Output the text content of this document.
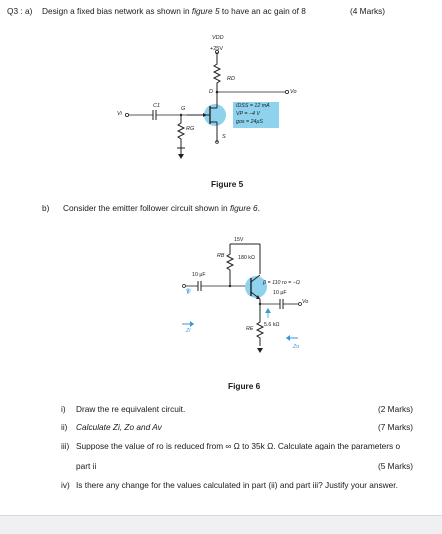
Q3 : a) Design a fixed bias network as shown in figure 5 to have an ac gain of 8	(4 Marks)
VDD
+25V
RD
D	Vo
Vi
C1	G
RG
S
IDSS = 12 mA
VP = −4 V
gos = 24μS
Figure 5
b) Consider the emitter follower circuit shown in figure 6.
15V
RB	180 kΩ
10 μF
β = 110 ro = −Ω
10 μF
Vo
Vi
RE
5.6 kΩ
Zi
Zo
Figure 6
i) Draw the re equivalent circuit.	(2 Marks)
ii) Calculate Zi, Zo and Av	(7 Marks)
iii) Suppose the value of ro is reduced from ∞ Ω to 35k Ω. Calculate again the parameters o
part ii	(5 Marks)
iv) Is there any change for the values calculated in part (ii) and part iii? Justify your answer.
